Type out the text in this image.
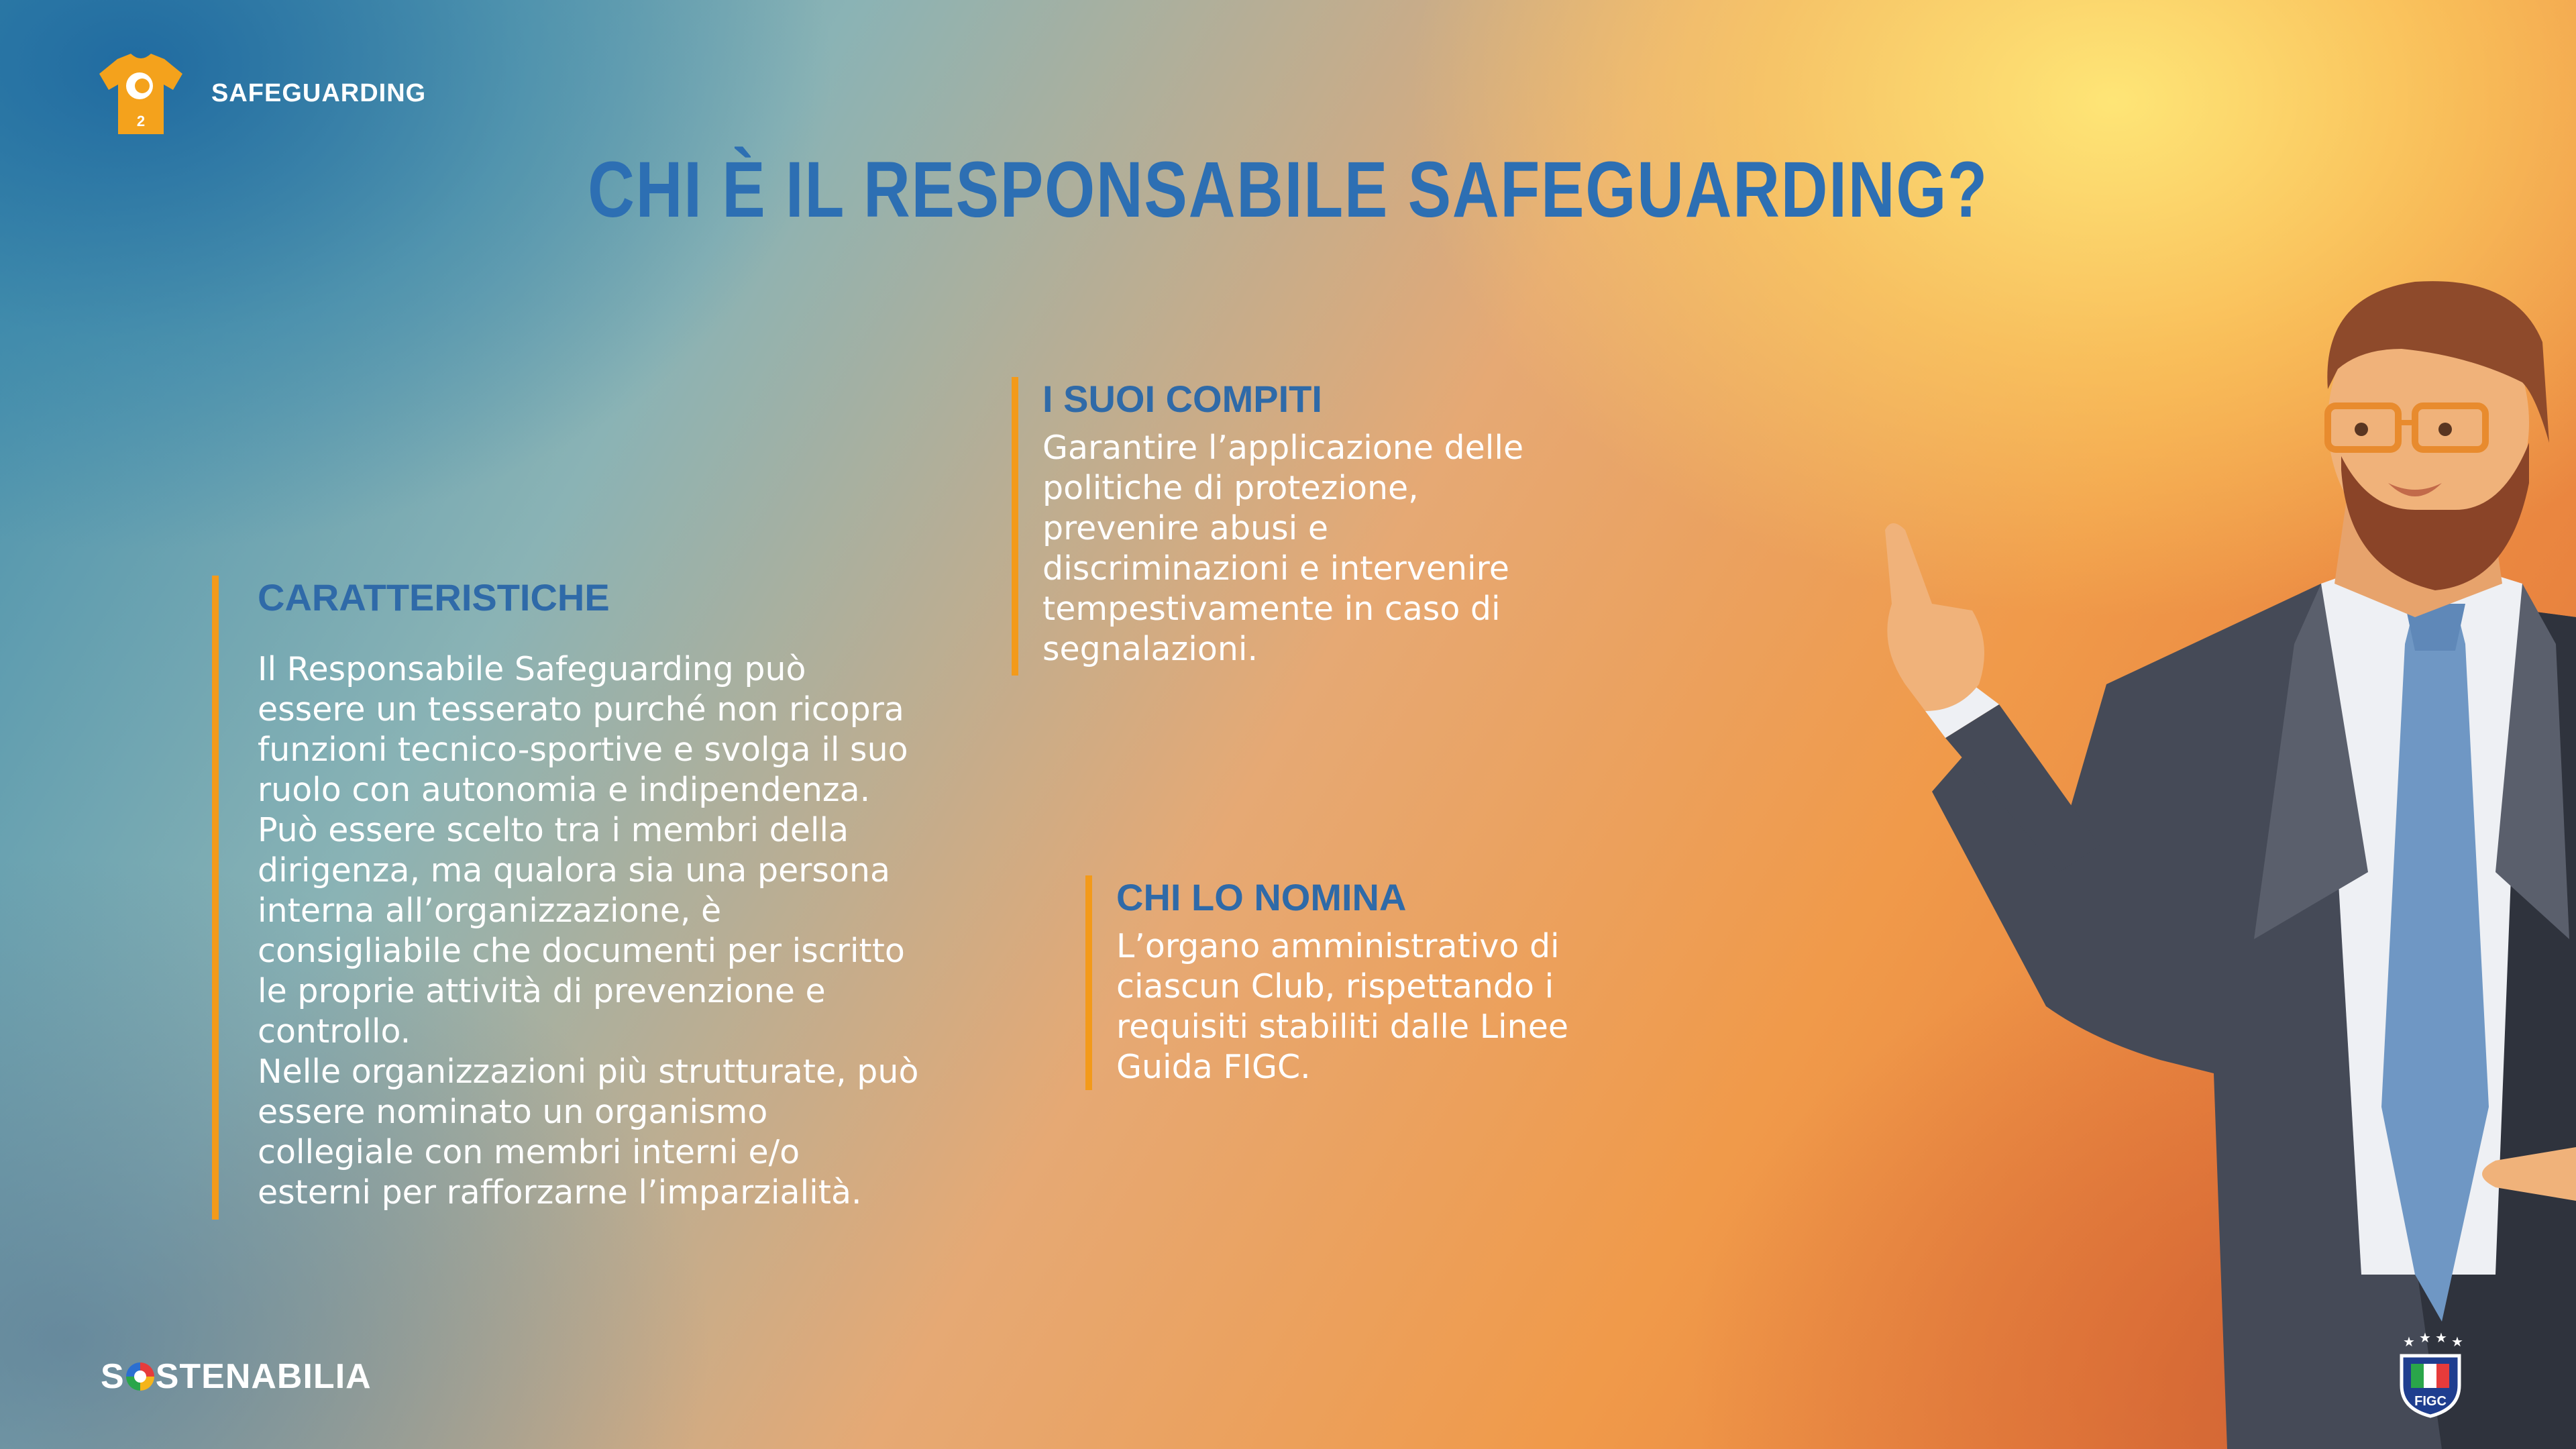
2
SAFEGUARDING
CHI È IL RESPONSABILE SAFEGUARDING?
CARATTERISTICHE
Il Responsabile Safeguarding può
essere un tesserato purché non ricopra
funzioni tecnico-sportive e svolga il suo
ruolo con autonomia e indipendenza.
Può essere scelto tra i membri della
dirigenza, ma qualora sia una persona
interna all’organizzazione, è
consigliabile che documenti per iscritto
le proprie attività di prevenzione e
controllo.
Nelle organizzazioni più strutturate, può
essere nominato un organismo
collegiale con membri interni e/o
esterni per rafforzarne l’imparzialità.
I SUOI COMPITI
Garantire l’applicazione delle
politiche di protezione,
prevenire abusi e
discriminazioni e intervenire
tempestivamente in caso di
segnalazioni.
CHI LO NOMINA
L’organo amministrativo di
ciascun Club, rispettando i
requisiti stabiliti dalle Linee
Guida FIGC.
S STENABILIA
★ ★ ★ ★
FIGC
